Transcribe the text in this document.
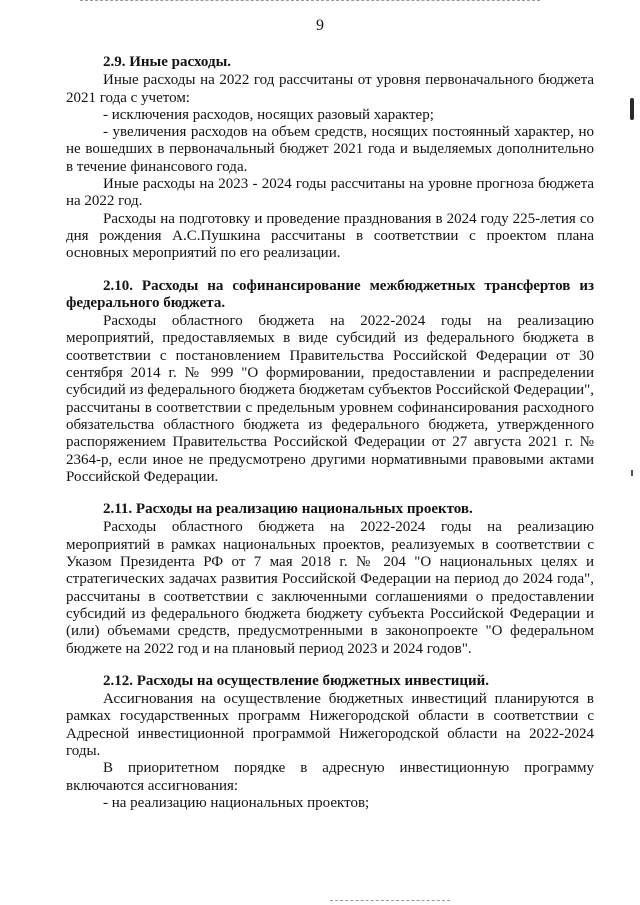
9
2.9. Иные расходы.

Иные расходы на 2022 год рассчитаны от уровня первоначального бюджета 2021 года с учетом:

- исключения расходов, носящих разовый характер;

- увеличения расходов на объем средств, носящих постоянный характер, но не вошедших в первоначальный бюджет 2021 года и выделяемых дополнительно в течение финансового года.

Иные расходы на 2023 - 2024 годы рассчитаны на уровне прогноза бюджета на 2022 год.

Расходы на подготовку и проведение празднования в 2024 году 225-летия со дня рождения А.С.Пушкина рассчитаны в соответствии с проектом плана основных мероприятий по его реализации.

2.10. Расходы на софинансирование межбюджетных трансфертов из федерального бюджета.

Расходы областного бюджета на 2022-2024 годы на реализацию мероприятий, предоставляемых в виде субсидий из федерального бюджета в соответствии с постановлением Правительства Российской Федерации от 30 сентября 2014 г. № 999 "О формировании, предоставлении и распределении субсидий из федерального бюджета бюджетам субъектов Российской Федерации", рассчитаны в соответствии с предельным уровнем софинансирования расходного обязательства областного бюджета из федерального бюджета, утвержденного распоряжением Правительства Российской Федерации от 27 августа 2021 г. № 2364-р, если иное не предусмотрено другими нормативными правовыми актами Российской Федерации.

2.11. Расходы на реализацию национальных проектов.

Расходы областного бюджета на 2022-2024 годы на реализацию мероприятий в рамках национальных проектов, реализуемых в соответствии с Указом Президента РФ от 7 мая 2018 г. № 204 "О национальных целях и стратегических задачах развития Российской Федерации на период до 2024 года", рассчитаны в соответствии с заключенными соглашениями о предоставлении субсидий из федерального бюджета бюджету субъекта Российской Федерации и (или) объемами средств, предусмотренными в законопроекте "О федеральном бюджете на 2022 год и на плановый период 2023 и 2024 годов".

2.12. Расходы на осуществление бюджетных инвестиций.

Ассигнования на осуществление бюджетных инвестиций планируются в рамках государственных программ Нижегородской области в соответствии с Адресной инвестиционной программой Нижегородской области на 2022-2024 годы.

В приоритетном порядке в адресную инвестиционную программу включаются ассигнования:

- на реализацию национальных проектов;
